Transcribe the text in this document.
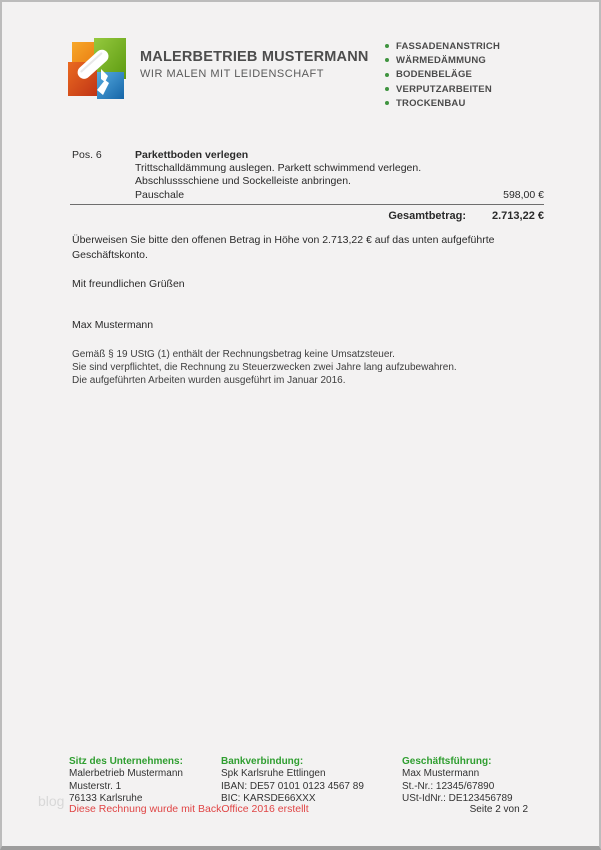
MALERBETRIEB MUSTERMANN
WIR MALEN MIT LEIDENSCHAFT
FASSADENANSTRICH
WÄRMEDÄMMUNG
BODENBELÄGE
VERPUTZARBEITEN
TROCKENBAU
Pos. 6	Parkettboden verlegen
Trittschalldämmung auslegen. Parkett schwimmend verlegen.
Abschlussschiene und Sockelleiste anbringen.
Pauschale	598,00 €
Gesamtbetrag: 2.713,22 €
Überweisen Sie bitte den offenen Betrag in Höhe von 2.713,22 € auf das unten aufgeführte
Geschäftskonto.
Mit freundlichen Grüßen
Max Mustermann
Gemäß § 19 UStG (1) enthält der Rechnungsbetrag keine Umsatzsteuer.
Sie sind verpflichtet, die Rechnung zu Steuerzwecken zwei Jahre lang aufzubewahren.
Die aufgeführten Arbeiten wurden ausgeführt im Januar 2016.
Sitz des Unternehmens:
Malerbetrieb Mustermann
Musterstr. 1
76133 Karlsruhe
Bankverbindung:
Spk Karlsruhe Ettlingen
IBAN: DE57 0101 0123 4567 89
BIC: KARSDE66XXX
Geschäftsführung:
Max Mustermann
St.-Nr.: 12345/67890
USt-IdNr.: DE123456789
blog Diese Rechnung wurde mit BackOffice 2016 erstellt	Seite 2 von 2
